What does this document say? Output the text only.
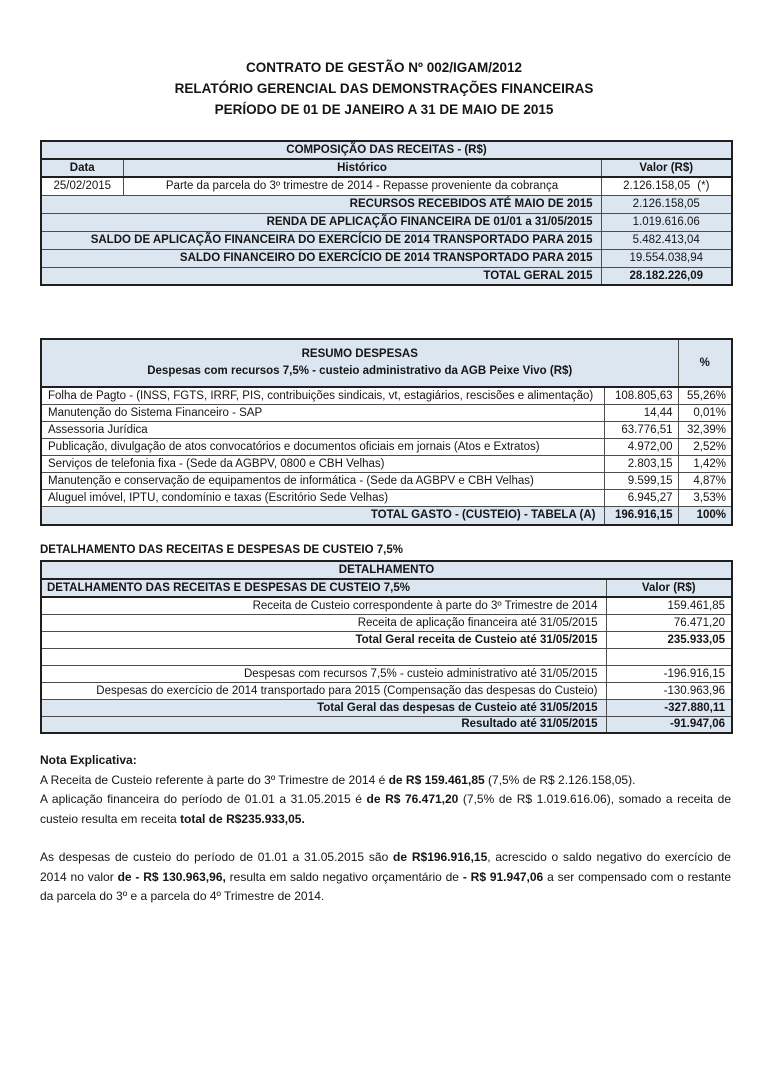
CONTRATO DE GESTÃO Nº 002/IGAM/2012
RELATÓRIO GERENCIAL DAS DEMONSTRAÇÕES FINANCEIRAS
PERÍODO DE 01 DE JANEIRO A 31 DE MAIO DE 2015
COMPOSIÇÃO DAS RECEITAS - (R$)		
Data	Histórico	Valor (R$)
25/02/2015	Parte da parcela do 3º trimestre de 2014 - Repasse proveniente da cobrança	2.126.158,05 (*)
RECURSOS RECEBIDOS ATÉ MAIO DE 2015		2.126.158,05
RENDA DE APLICAÇÃO FINANCEIRA DE 01/01 a 31/05/2015		1.019.616.06
SALDO DE APLICAÇÃO FINANCEIRA DO EXERCÍCIO DE 2014 TRANSPORTADO PARA 2015		5.482.413,04
SALDO FINANCEIRO DO EXERCÍCIO DE 2014 TRANSPORTADO PARA 2015		19.554.038,94
TOTAL GERAL 2015		28.182.226,09
RESUMO DESPESAS
Despesas com recursos 7,5% - custeio administrativo da AGB Peixe Vivo (R$)		%
Folha de Pagto - (INSS, FGTS, IRRF, PIS, contribuições sindicais, vt, estagiários, rescisões e alimentação)	108.805,63	55,26%
Manutenção do Sistema Financeiro - SAP	14,44	0,01%
Assessoria Jurídica	63.776,51	32,39%
Publicação, divulgação de atos convocatórios e documentos oficiais em jornais (Atos e Extratos)	4.972,00	2,52%
Serviços de telefonia fixa - (Sede da AGBPV, 0800 e CBH Velhas)	2.803,15	1,42%
Manutenção e conservação de equipamentos de informática - (Sede da AGBPV e CBH Velhas)	9.599,15	4,87%
Aluguel imóvel, IPTU, condomínio e taxas (Escritório Sede Velhas)	6.945,27	3,53%
TOTAL GASTO - (CUSTEIO) - TABELA (A)	196.916,15	100%
DETALHAMENTO DAS RECEITAS E DESPESAS DE CUSTEIO 7,5%
DETALHAMENTO	
DETALHAMENTO DAS RECEITAS E DESPESAS DE CUSTEIO 7,5%	Valor (R$)
Receita de Custeio correspondente à parte do 3º Trimestre de 2014	159.461,85
Receita de aplicação financeira até 31/05/2015	76.471,20
Total Geral receita de Custeio até 31/05/2015	235.933,05

Despesas com recursos 7,5% - custeio administrativo até 31/05/2015	-196.916,15
Despesas do exercício de 2014 transportado para 2015 (Compensação das despesas do Custeio)	-130.963,96
Total Geral das despesas de Custeio até 31/05/2015	-327.880,11
Resultado até 31/05/2015	-91.947,06

Nota Explicativa:

A Receita de Custeio referente à parte do 3º Trimestre de 2014 é de R$ 159.461,85 (7,5% de R$ 2.126.158,05).

A aplicação financeira do período de 01.01 a 31.05.2015 é de R$ 76.471,20 (7,5% de R$ 1.019.616.06), somado a receita de custeio resulta em receita total de R$235.933,05.

As despesas de custeio do período de 01.01 a 31.05.2015 são de R$196.916,15, acrescido o saldo negativo do exercício de 2014 no valor de - R$ 130.963,96, resulta em saldo negativo orçamentário de - R$ 91.947,06 a ser compensado com o restante da parcela do 3º e a parcela do 4º Trimestre de 2014.
